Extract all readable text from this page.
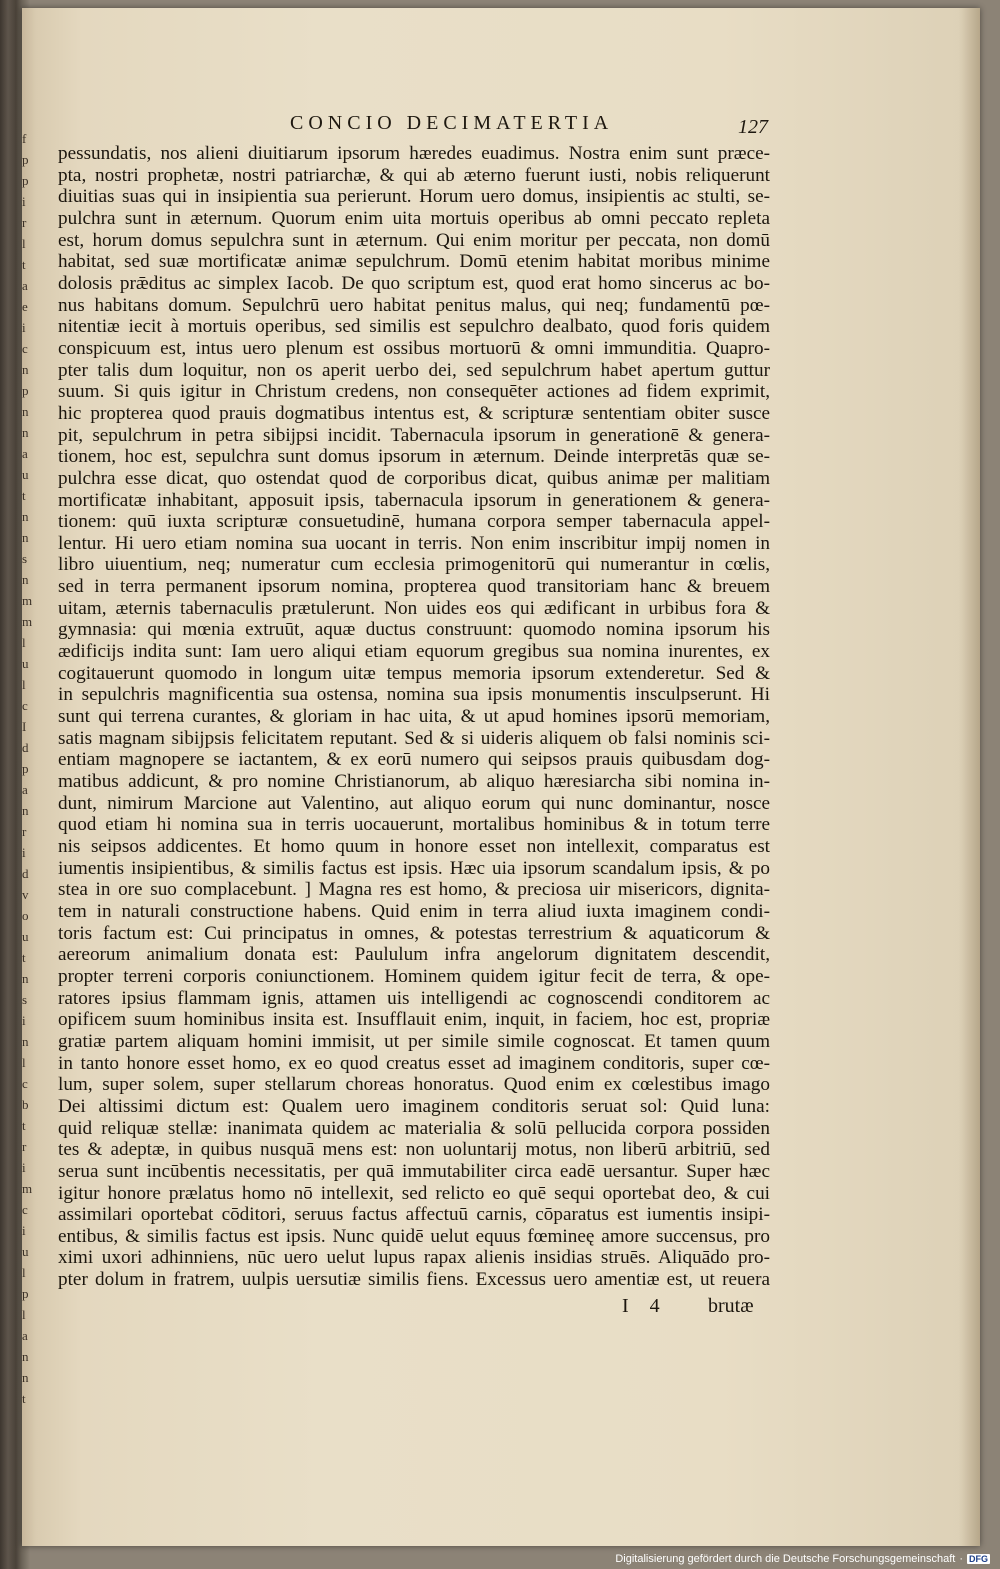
f
p
p
i
r
l
t
a
e
i
c
n
p
n
n
a
u
t
n
n
s
n
m
m
l
u
l
c
I
d
p
a
n
r
i
d
v
o
u
t
n
s
i
n
l
c
b
t
r
i
m
c
i
u
l
p
l
a
n
n
t
CONCIO DECIMATERTIA	127
pessundatis, nos alieni diuitiarum ipsorum hæredes euadimus. Nostra enim sunt præce-
pta, nostri prophetæ, nostri patriarchæ, & qui ab æterno fuerunt iusti, nobis reliquerunt
diuitias suas qui in insipientia sua perierunt. Horum uero domus, insipientis ac stulti, se-
pulchra sunt in æternum. Quorum enim uita mortuis operibus ab omni peccato repleta
est, horum domus sepulchra sunt in æternum. Qui enim moritur per peccata, non domū
habitat, sed suæ mortificatæ animæ sepulchrum. Domū etenim habitat moribus minime
dolosis prǣditus ac simplex Iacob. De quo scriptum est, quod erat homo sincerus ac bo-
nus habitans domum. Sepulchrū uero habitat penitus malus, qui neq; fundamentū pœ-
nitentiæ iecit à mortuis operibus, sed similis est sepulchro dealbato, quod foris quidem
conspicuum est, intus uero plenum est ossibus mortuorū & omni immunditia. Quapro-
pter talis dum loquitur, non os aperit uerbo dei, sed sepulchrum habet apertum guttur
suum. Si quis igitur in Christum credens, non consequēter actiones ad fidem exprimit,
hic propterea quod prauis dogmatibus intentus est, & scripturæ sententiam obiter susce
pit, sepulchrum in petra sibijpsi incidit. Tabernacula ipsorum in generationē & genera-
tionem, hoc est, sepulchra sunt domus ipsorum in æternum. Deinde interpretās quæ se-
pulchra esse dicat, quo ostendat quod de corporibus dicat, quibus animæ per malitiam
mortificatæ inhabitant, apposuit ipsis, tabernacula ipsorum in generationem & genera-
tionem: quū iuxta scripturæ consuetudinē, humana corpora semper tabernacula appel-
lentur. Hi uero etiam nomina sua uocant in terris. Non enim inscribitur impij nomen in
libro uiuentium, neq; numeratur cum ecclesia primogenitorū qui numerantur in cœlis,
sed in terra permanent ipsorum nomina, propterea quod transitoriam hanc & breuem
uitam, æternis tabernaculis prætulerunt. Non uides eos qui ædificant in urbibus fora &
gymnasia: qui mœnia extruūt, aquæ ductus construunt: quomodo nomina ipsorum his
ædificijs indita sunt: Iam uero aliqui etiam equorum gregibus sua nomina inurentes, ex
cogitauerunt quomodo in longum uitæ tempus memoria ipsorum extenderetur. Sed &
in sepulchris magnificentia sua ostensa, nomina sua ipsis monumentis insculpserunt. Hi
sunt qui terrena curantes, & gloriam in hac uita, & ut apud homines ipsorū memoriam,
satis magnam sibijpsis felicitatem reputant. Sed & si uideris aliquem ob falsi nominis sci-
entiam magnopere se iactantem, & ex eorū numero qui seipsos prauis quibusdam dog-
matibus addicunt, & pro nomine Christianorum, ab aliquo hæresiarcha sibi nomina in-
dunt, nimirum Marcione aut Valentino, aut aliquo eorum qui nunc dominantur, nosce
quod etiam hi nomina sua in terris uocauerunt, mortalibus hominibus & in totum terre
nis seipsos addicentes. Et homo quum in honore esset non intellexit, comparatus est
iumentis insipientibus, & similis factus est ipsis. Hæc uia ipsorum scandalum ipsis, & po
stea in ore suo complacebunt. ] Magna res est homo, & preciosa uir misericors, dignita-
tem in naturali constructione habens. Quid enim in terra aliud iuxta imaginem condi-
toris factum est: Cui principatus in omnes, & potestas terrestrium & aquaticorum &
aereorum animalium donata est: Paululum infra angelorum dignitatem descendit,
propter terreni corporis coniunctionem. Hominem quidem igitur fecit de terra, & ope-
ratores ipsius flammam ignis, attamen uis intelligendi ac cognoscendi conditorem ac
opificem suum hominibus insita est. Insufflauit enim, inquit, in faciem, hoc est, propriæ
gratiæ partem aliquam homini immisit, ut per simile simile cognoscat. Et tamen quum
in tanto honore esset homo, ex eo quod creatus esset ad imaginem conditoris, super cœ-
lum, super solem, super stellarum choreas honoratus. Quod enim ex cœlestibus imago
Dei altissimi dictum est: Qualem uero imaginem conditoris seruat sol: Quid luna:
quid reliquæ stellæ: inanimata quidem ac materialia & solū pellucida corpora possiden
tes & adeptæ, in quibus nusquā mens est: non uoluntarij motus, non liberū arbitriū, sed
serua sunt incūbentis necessitatis, per quā immutabiliter circa eadē uersantur. Super hæc
igitur honore prælatus homo nō intellexit, sed relicto eo quē sequi oportebat deo, & cui
assimilari oportebat cōditori, seruus factus affectuū carnis, cōparatus est iumentis insipi-
entibus, & similis factus est ipsis. Nunc quidē uelut equus fœmineę amore succensus, pro
ximi uxori adhinniens, nūc uero uelut lupus rapax alienis insidias struēs. Aliquādo pro-
pter dolum in fratrem, uulpis uersutiæ similis fiens. Excessus uero amentiæ est, ut reuera
I 4 brutæ
Digitalisierung gefördert durch die Deutsche Forschungsgemeinschaft · DFG
